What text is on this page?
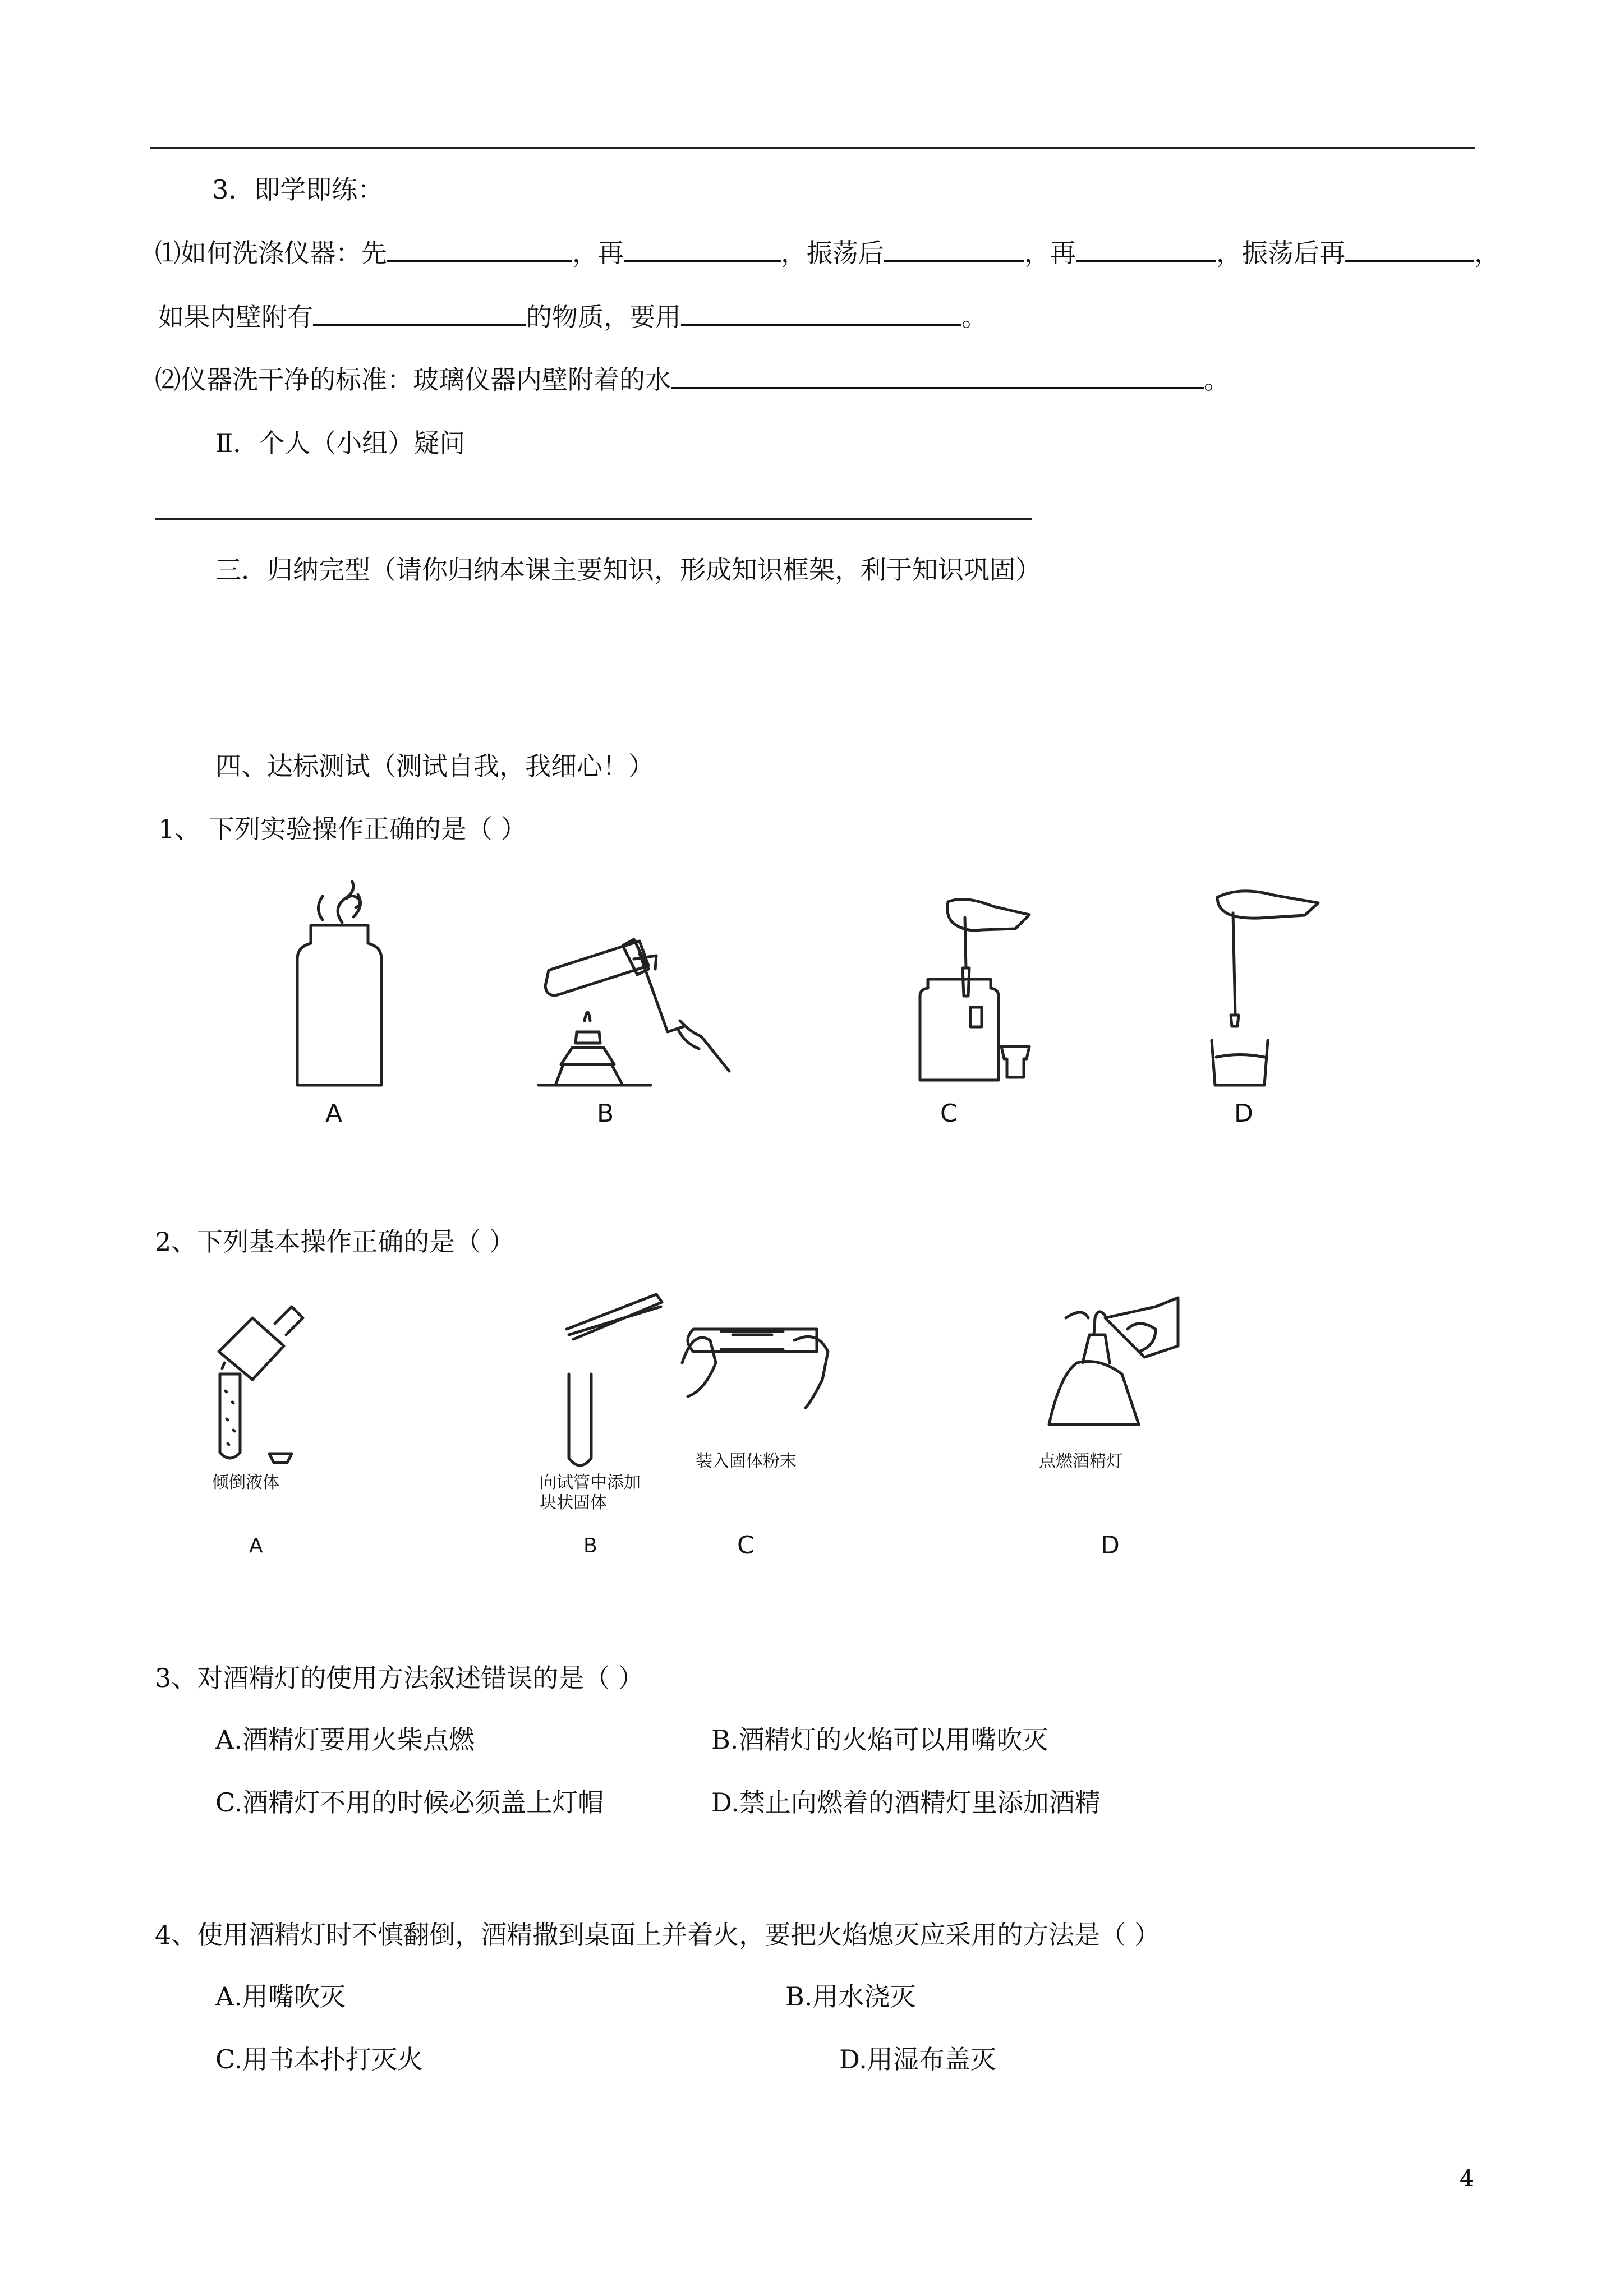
3．即学即练：
⑴如何洗涤仪器：先	，再	，振荡后	，再	，振荡后再	，
如果内壁附有	的物质，要用	。
⑵仪器洗干净的标准：玻璃仪器内壁附着的水	。
Ⅱ．个人（小组）疑问
三．归纳完型（请你归纳本课主要知识，形成知识框架，利于知识巩固）
四、达标测试（测试自我，我细心！）
1、 下列实验操作正确的是（ ）
A	B	C	D
2、下列基本操作正确的是（ ）
倾倒液体
A
向试管中添加
块状固体
B
装入固体粉末
C
点燃酒精灯
D
3、对酒精灯的使用方法叙述错误的是（ ）
A.酒精灯要用火柴点燃	B.酒精灯的火焰可以用嘴吹灭
C.酒精灯不用的时候必须盖上灯帽	D.禁止向燃着的酒精灯里添加酒精
4、使用酒精灯时不慎翻倒，酒精撒到桌面上并着火，要把火焰熄灭应采用的方法是（ ）
A.用嘴吹灭	B.用水浇灭
C.用书本扑打灭火	D.用湿布盖灭
4
